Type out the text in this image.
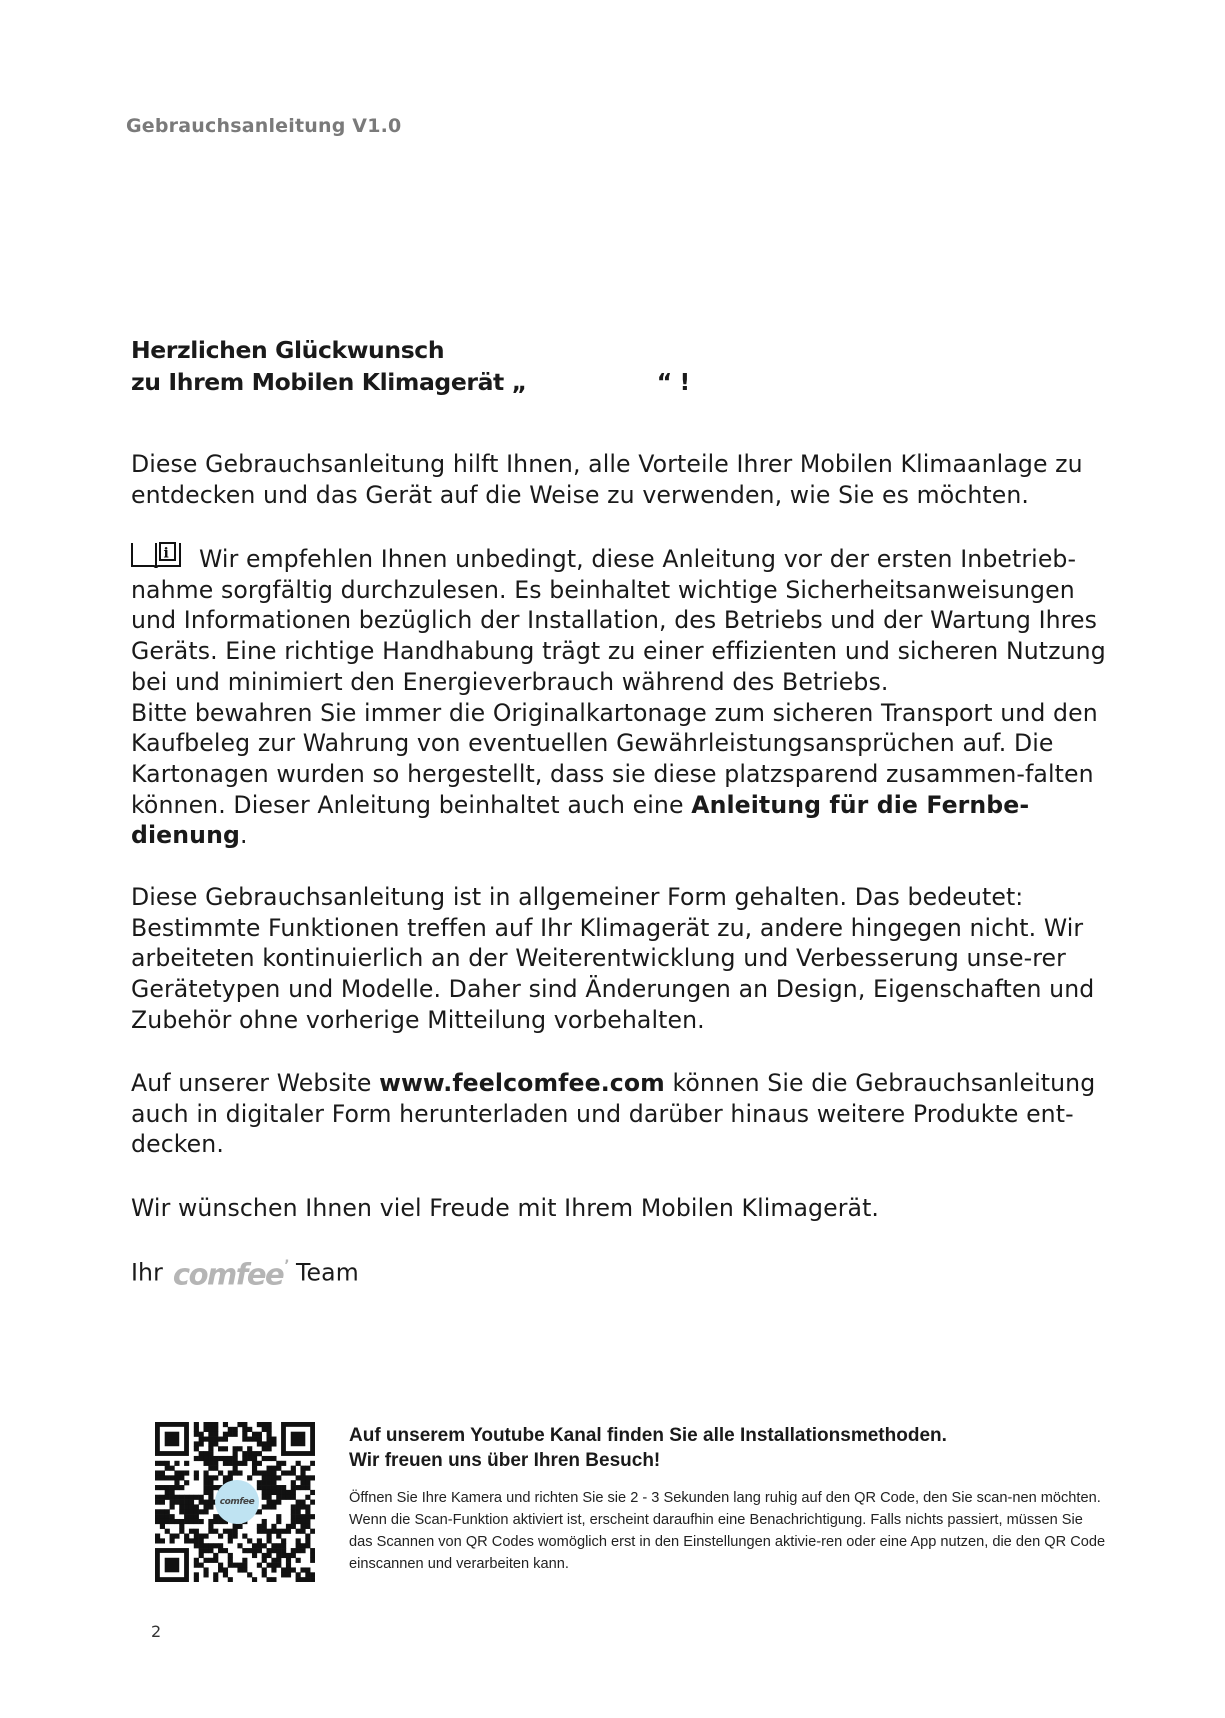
Gebrauchsanleitung V1.0
Herzlichen Glückwunsch
zu Ihrem Mobilen Klimagerät „	“ !

Diese Gebrauchsanleitung hilft Ihnen, alle Vorteile Ihrer Mobilen Klimaanlage zu entdecken und das Gerät auf die Weise zu verwenden, wie Sie es möchten.

i Wir empfehlen Ihnen unbedingt, diese Anleitung vor der ersten Inbetrieb-nahme sorgfältig durchzulesen. Es beinhaltet wichtige Sicherheitsanweisungen und Informationen bezüglich der Installation, des Betriebs und der Wartung Ihres Geräts. Eine richtige Handhabung trägt zu einer effizienten und sicheren Nutzung bei und minimiert den Energieverbrauch während des Betriebs.

Bitte bewahren Sie immer die Originalkartonage zum sicheren Transport und den Kaufbeleg zur Wahrung von eventuellen Gewährleistungsansprüchen auf. Die Kartonagen wurden so hergestellt, dass sie diese platzsparend zusammen-falten können. Dieser Anleitung beinhaltet auch eine Anleitung für die Fernbe-dienung.

Diese Gebrauchsanleitung ist in allgemeiner Form gehalten. Das bedeutet: Bestimmte Funktionen treffen auf Ihr Klimagerät zu, andere hingegen nicht. Wir arbeiteten kontinuierlich an der Weiterentwicklung und Verbesserung unse-rer Gerätetypen und Modelle. Daher sind Änderungen an Design, Eigenschaften und Zubehör ohne vorherige Mitteilung vorbehalten.

Auf unserer Website www.feelcomfee.com können Sie die Gebrauchsanleitung auch in digitaler Form herunterladen und darüber hinaus weitere Produkte ent-decken.

Wir wünschen Ihnen viel Freude mit Ihrem Mobilen Klimagerät.

Ihr comfee’ Team
comfee
Auf unserem Youtube Kanal finden Sie alle Installationsmethoden.
Wir freuen uns über Ihren Besuch!
Öffnen Sie Ihre Kamera und richten Sie sie 2 - 3 Sekunden lang ruhig auf den QR Code, den Sie scan-nen möchten. Wenn die Scan-Funktion aktiviert ist, erscheint daraufhin eine Benachrichtigung. Falls nichts passiert, müssen Sie das Scannen von QR Codes womöglich erst in den Einstellungen aktivie-ren oder eine App nutzen, die den QR Code einscannen und verarbeiten kann.
2
